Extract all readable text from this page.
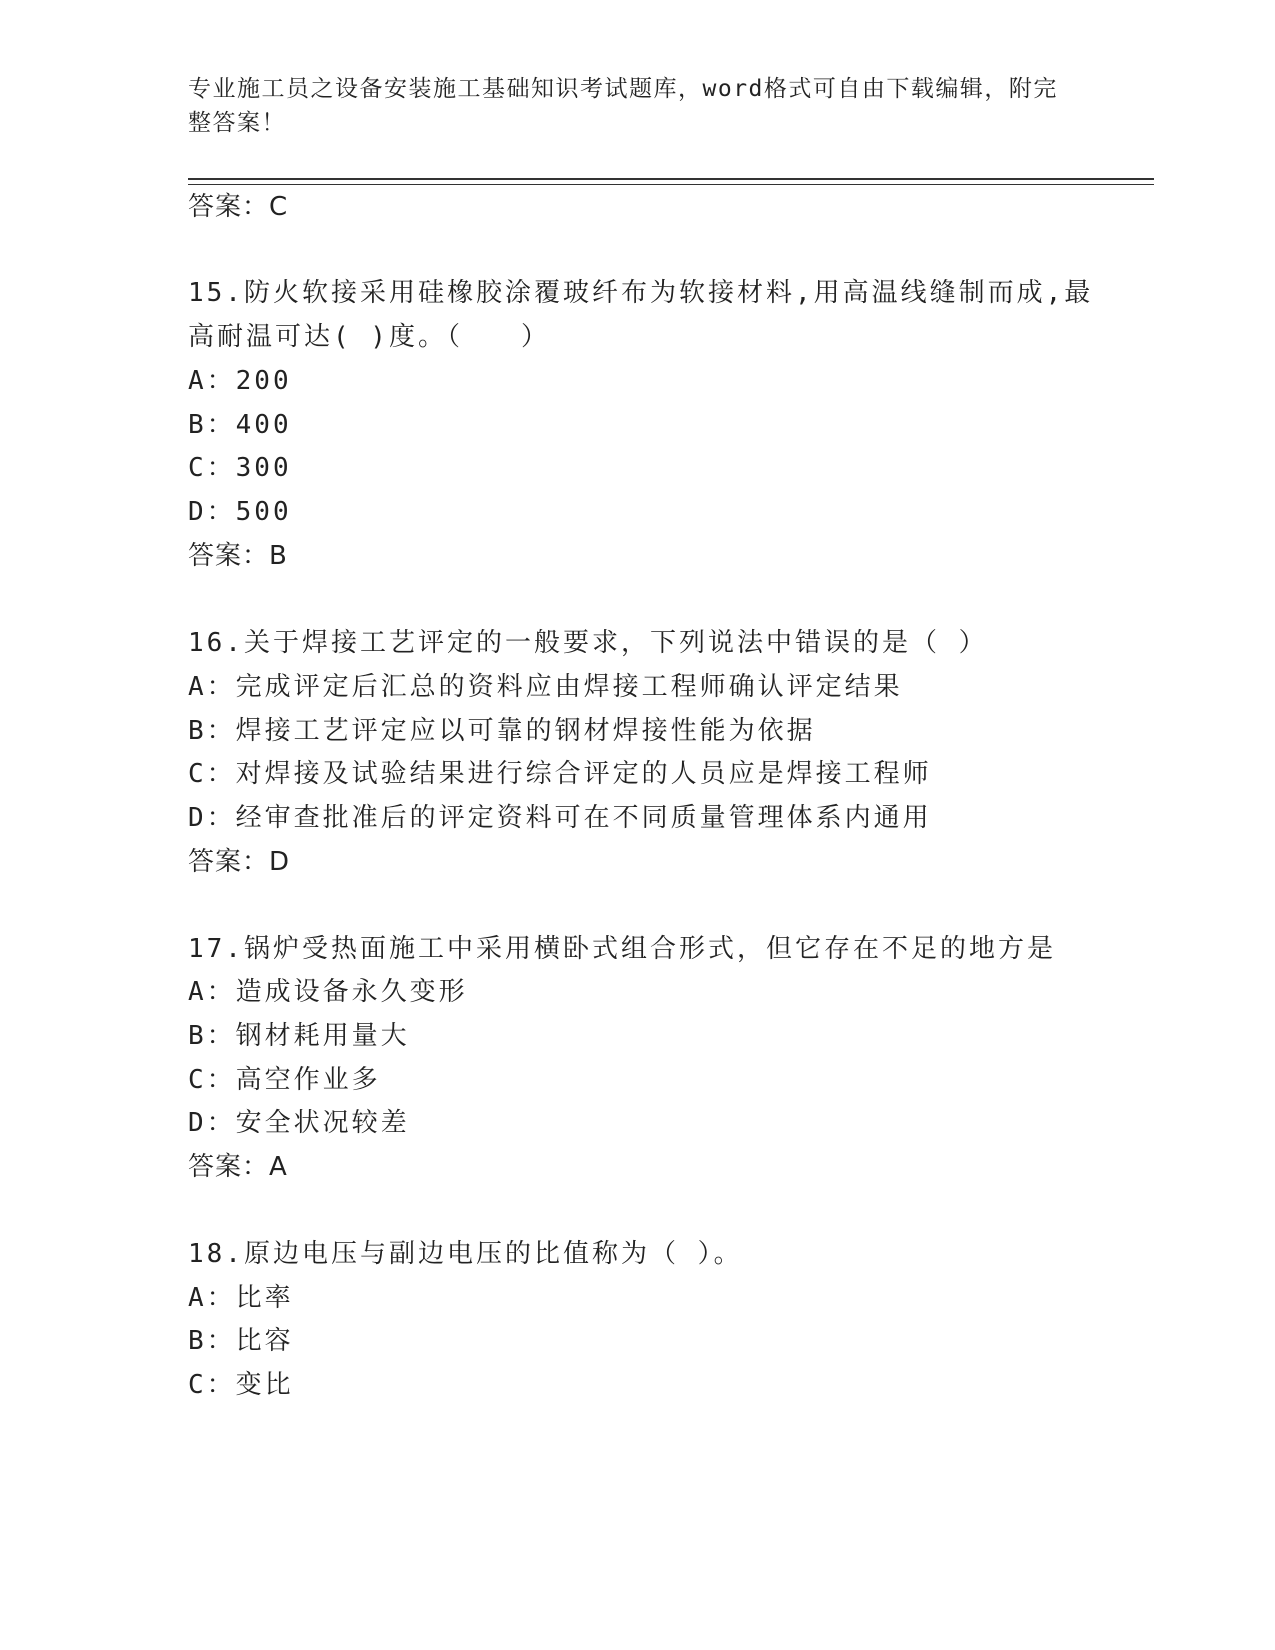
专业施工员之设备安装施工基础知识考试题库，word格式可自由下载编辑，附完
整答案！
答案：C
15.防火软接采用硅橡胶涂覆玻纤布为软接材料,用高温线缝制而成,最
高耐温可达( )度。（　　）
A：200
B：400
C：300
D：500
答案：B
16.关于焊接工艺评定的一般要求，下列说法中错误的是（ ）
A：完成评定后汇总的资料应由焊接工程师确认评定结果
B：焊接工艺评定应以可靠的钢材焊接性能为依据
C：对焊接及试验结果进行综合评定的人员应是焊接工程师
D：经审查批准后的评定资料可在不同质量管理体系内通用
答案：D
17.锅炉受热面施工中采用横卧式组合形式，但它存在不足的地方是
A：造成设备永久变形
B：钢材耗用量大
C：高空作业多
D：安全状况较差
答案：A
18.原边电压与副边电压的比值称为（ ）。
A：比率
B：比容
C：变比
